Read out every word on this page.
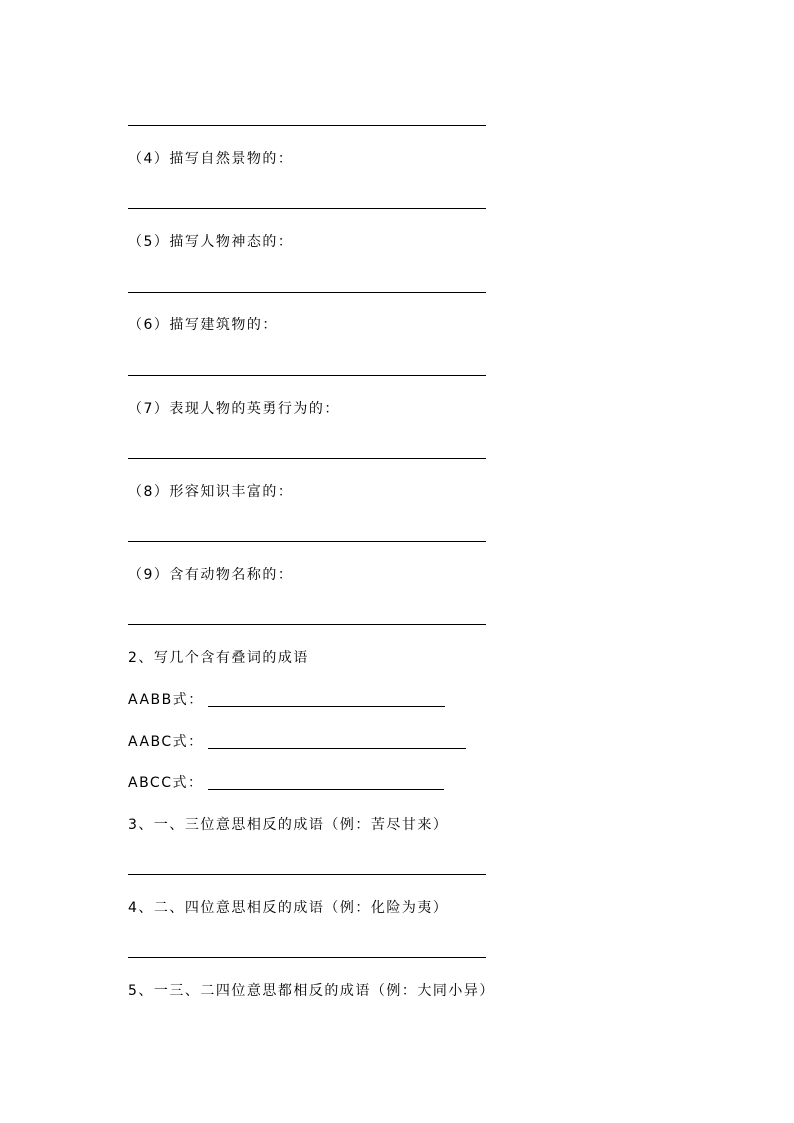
（4）描写自然景物的：
（5）描写人物神态的：
（6）描写建筑物的：
（7）表现人物的英勇行为的：
（8）形容知识丰富的：
（9）含有动物名称的：
2、写几个含有叠词的成语
AABB式：
AABC式：
ABCC式：
3、一、三位意思相反的成语（例：苦尽甘来）
4、二、四位意思相反的成语（例：化险为夷）
5、一三、二四位意思都相反的成语（例：大同小异）
